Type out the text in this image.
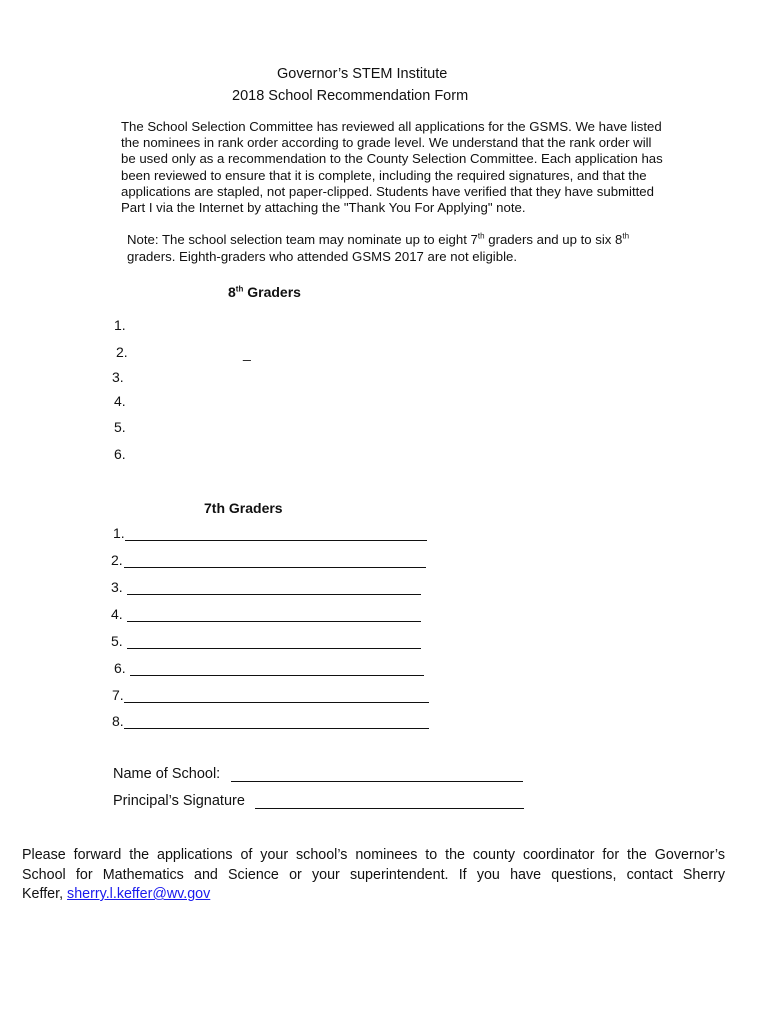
Governor’s STEM Institute
2018 School Recommendation Form
The School Selection Committee has reviewed all applications for the GSMS. We have listed
the nominees in rank order according to grade level. We understand that the rank order will
be used only as a recommendation to the County Selection Committee. Each application has
been reviewed to ensure that it is complete, including the required signatures, and that the
applications are stapled, not paper-clipped. Students have verified that they have submitted
Part I via the Internet by attaching the "Thank You For Applying" note.
Note: The school selection team may nominate up to eight 7th graders and up to six 8th
graders. Eighth-graders who attended GSMS 2017 are not eligible.
8th Graders
1.
2.	_
3.
4.
5.
6.
7th Graders
1.
2.
3.
4.
5.
6.
7.
8.
Name of School:
Principal’s Signature
Please forward the applications of your school’s nominees to the county coordinator for the Governor’s
School for Mathematics and Science or your superintendent. If you have questions, contact Sherry
Keffer, sherry.l.keffer@wv.gov
